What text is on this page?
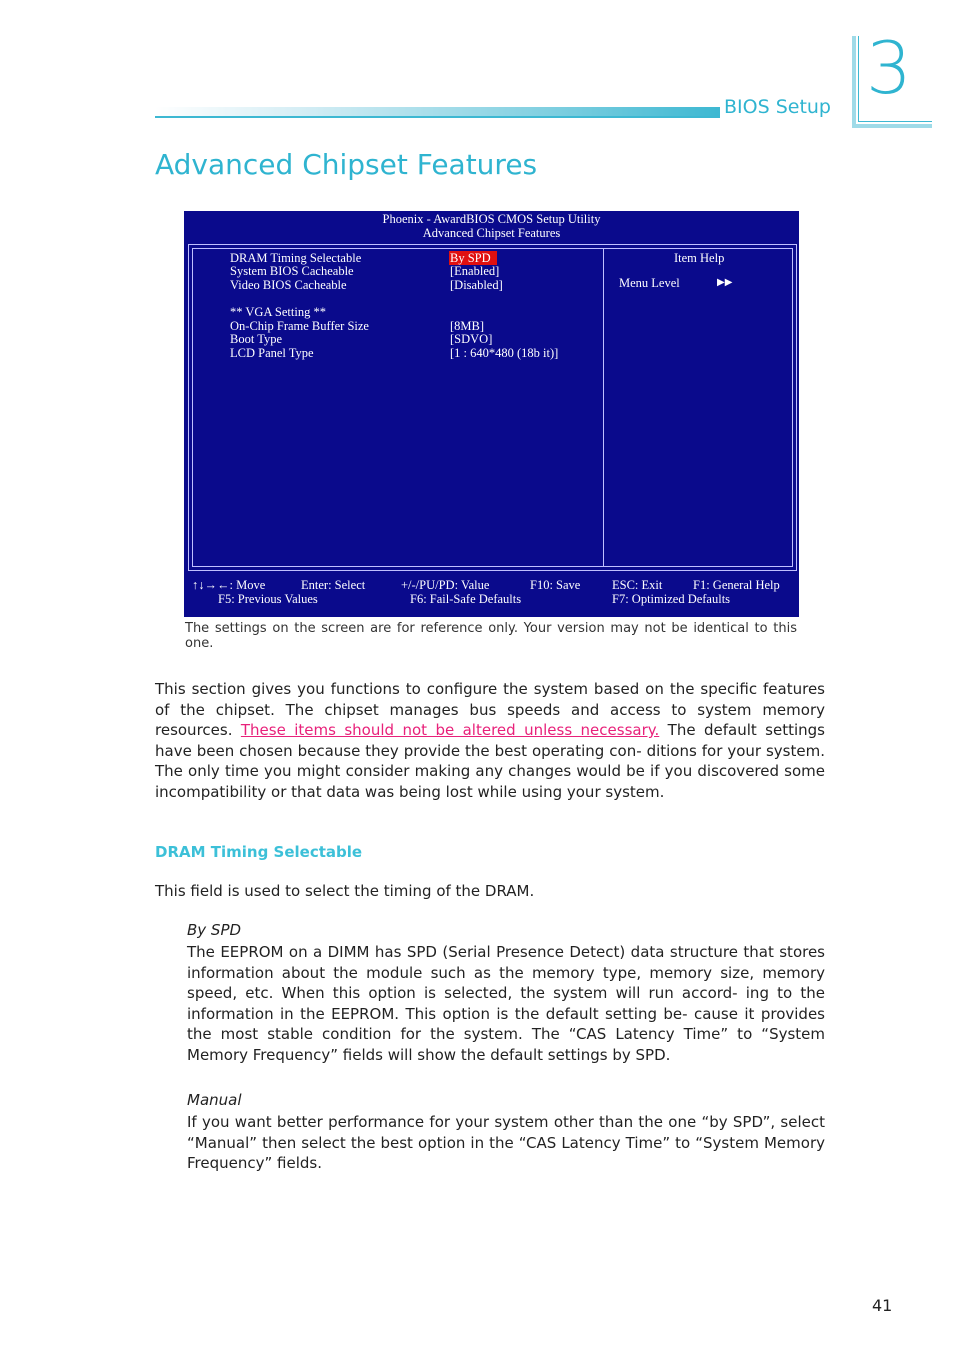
BIOS Setup 3
Advanced Chipset Features
Phoenix - AwardBIOS CMOS Setup Utility
Advanced Chipset Features
DRAM Timing Selectable	By SPD
System BIOS Cacheable	[Enabled]
Video BIOS Cacheable	[Disabled]
** VGA Setting **
On-Chip Frame Buffer Size	[8MB]
Boot Type	[SDVO]
LCD Panel Type	[1 : 640*480 (18b it)]
Item Help
Menu Level	▶▶
↑↓→←: Move	Enter: Select	+/-/PU/PD: Value	F10: Save	ESC: Exit F1: General Help
F5: Previous Values	F6: Fail-Safe Defaults	F7: Optimized Defaults
The settings on the screen are for reference only. Your version may not be identical to this one.

This section gives you functions to configure the system based on the specific features of the chipset. The chipset manages bus speeds and access to system memory resources. These items should not be altered unless necessary. The default settings have been chosen because they provide the best operating con- ditions for your system. The only time you might consider making any changes would be if you discovered some incompatibility or that data was being lost while using your system.

DRAM Timing Selectable

This field is used to select the timing of the DRAM.

By SPD

The EEPROM on a DIMM has SPD (Serial Presence Detect) data structure that stores information about the module such as the memory type, memory size, memory speed, etc. When this option is selected, the system will run accord- ing to the information in the EEPROM. This option is the default setting be- cause it provides the most stable condition for the system. The “CAS Latency Time” to “System Memory Frequency” fields will show the default settings by SPD.

Manual

If you want better performance for your system other than the one “by SPD”, select “Manual” then select the best option in the “CAS Latency Time” to “System Memory Frequency” fields.

41
